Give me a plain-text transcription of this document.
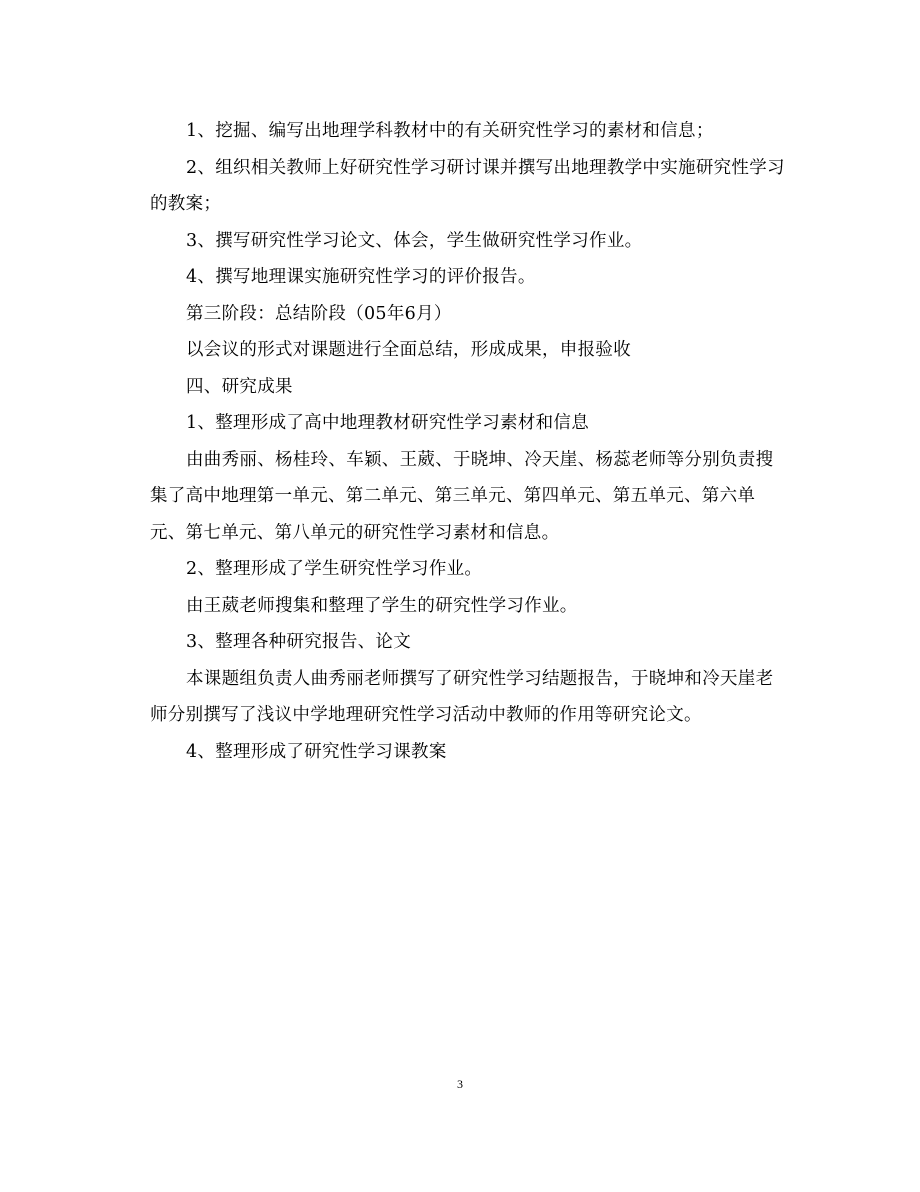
1、挖掘、编写出地理学科教材中的有关研究性学习的素材和信息；

2、组织相关教师上好研究性学习研讨课并撰写出地理教学中实施研究性学习的教案；

3、撰写研究性学习论文、体会，学生做研究性学习作业。

4、撰写地理课实施研究性学习的评价报告。

第三阶段：总结阶段（05年6月）

以会议的形式对课题进行全面总结，形成成果，申报验收

四、研究成果

1、整理形成了高中地理教材研究性学习素材和信息

由曲秀丽、杨桂玲、车颖、王葳、于晓坤、冷天崖、杨蕊老师等分别负责搜集了高中地理第一单元、第二单元、第三单元、第四单元、第五单元、第六单元、第七单元、第八单元的研究性学习素材和信息。

2、整理形成了学生研究性学习作业。

由王葳老师搜集和整理了学生的研究性学习作业。

3、整理各种研究报告、论文

本课题组负责人曲秀丽老师撰写了研究性学习结题报告，于晓坤和冷天崖老师分别撰写了浅议中学地理研究性学习活动中教师的作用等研究论文。

4、整理形成了研究性学习课教案

3
